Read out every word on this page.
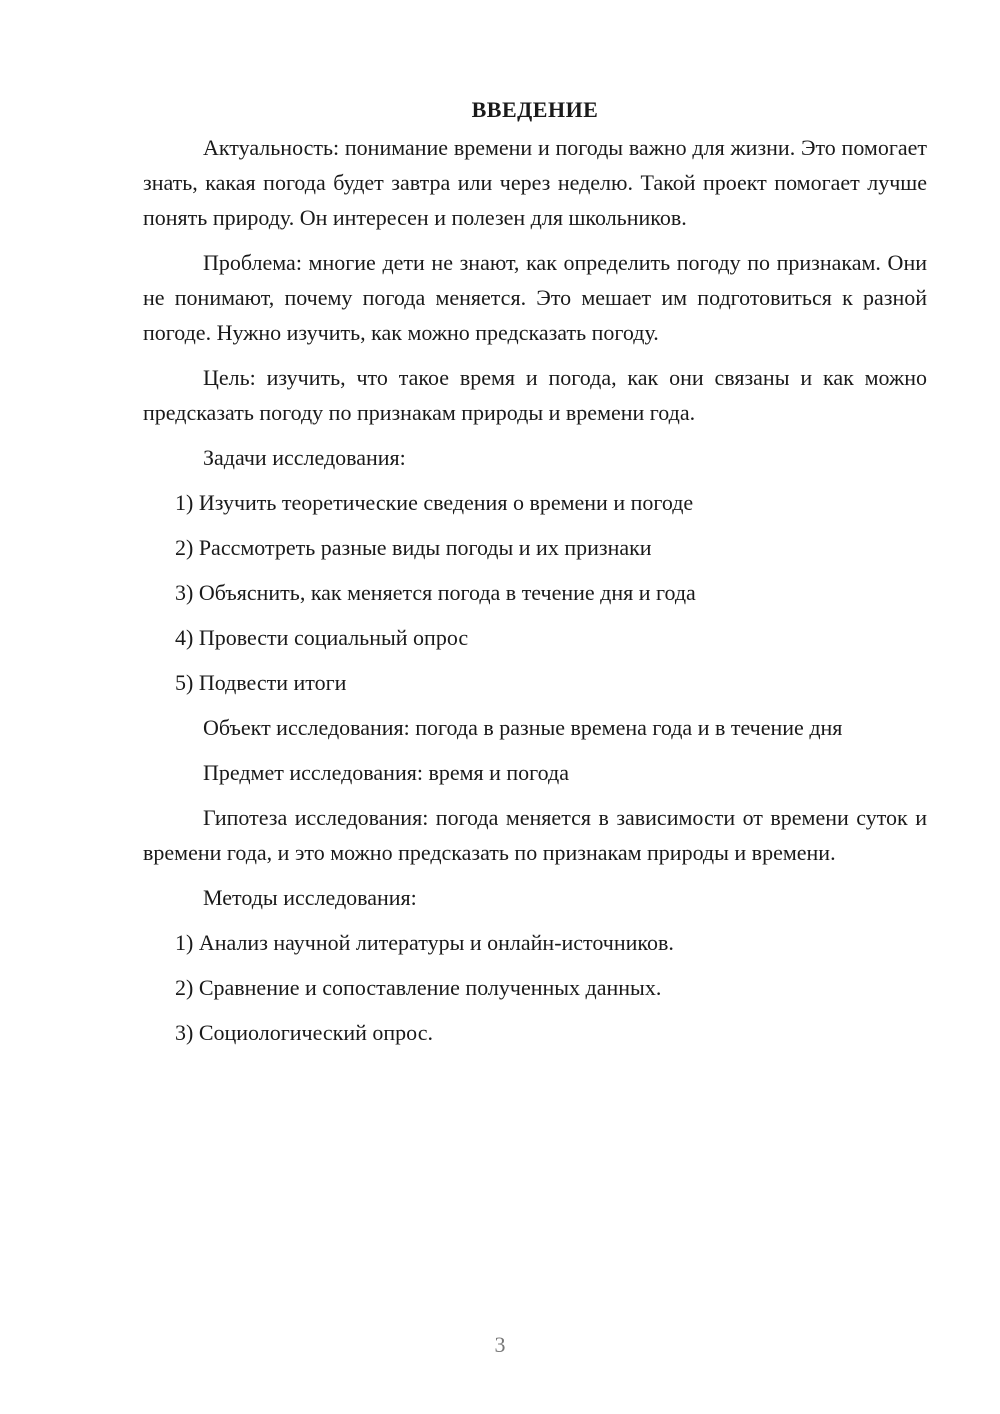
ВВЕДЕНИЕ

Актуальность: понимание времени и погоды важно для жизни. Это помогает знать, какая погода будет завтра или через неделю. Такой проект помогает лучше понять природу. Он интересен и полезен для школьников.

Проблема: многие дети не знают, как определить погоду по признакам. Они не понимают, почему погода меняется. Это мешает им подготовиться к разной погоде. Нужно изучить, как можно предсказать погоду.

Цель: изучить, что такое время и погода, как они связаны и как можно предсказать погоду по признакам природы и времени года.

Задачи исследования:
1) Изучить теоретические сведения о времени и погоде
2) Рассмотреть разные виды погоды и их признаки
3) Объяснить, как меняется погода в течение дня и года
4) Провести социальный опрос
5) Подвести итоги
Объект исследования: погода в разные времена года и в течение дня
Предмет исследования: время и погода

Гипотеза исследования: погода меняется в зависимости от времени суток и времени года, и это можно предсказать по признакам природы и времени.

Методы исследования:
1) Анализ научной литературы и онлайн-источников.
2) Сравнение и сопоставление полученных данных.
3) Социологический опрос.
3
